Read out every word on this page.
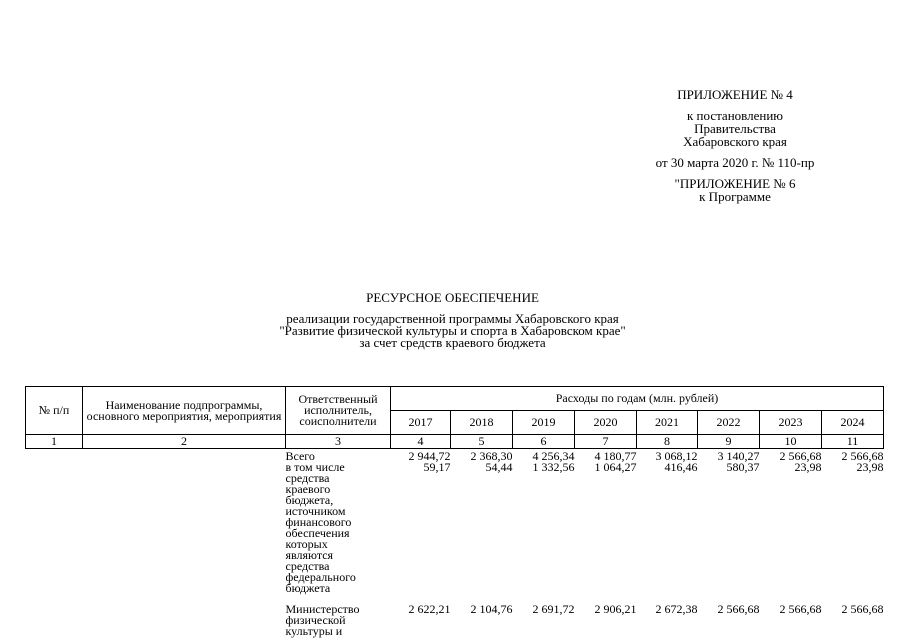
ПРИЛОЖЕНИЕ № 4
к постановлению
Правительства
Хабаровского края
от 30 марта 2020 г. № 110-пр
"ПРИЛОЖЕНИЕ № 6
к Программе
РЕСУРСНОЕ ОБЕСПЕЧЕНИЕ
реализации государственной программы Хабаровского края
"Развитие физической культуры и спорта в Хабаровском крае"
за счет средств краевого бюджета
№ п/п	Наименование подпрограммы, основного мероприятия, мероприятия	Ответственный исполнитель, соисполнители	Расходы по годам (млн. рублей)							
			2017	2018	2019	2020	2021	2022	2023	2024
1	2	3	4	5	6	7	8	9	10	11
		Всего	2 944,72	2 368,30	4 256,34	4 180,77	3 068,12	3 140,27	2 566,68	2 566,68
		в том числе средства краевого бюджета, источником финансового обеспечения которых являются средства федерального бюджета	59,17	54,44	1 332,56	1 064,27	416,46	580,37	23,98	23,98
		Министерство физической культуры и	2 622,21	2 104,76	2 691,72	2 906,21	2 672,38	2 566,68	2 566,68	2 566,68
